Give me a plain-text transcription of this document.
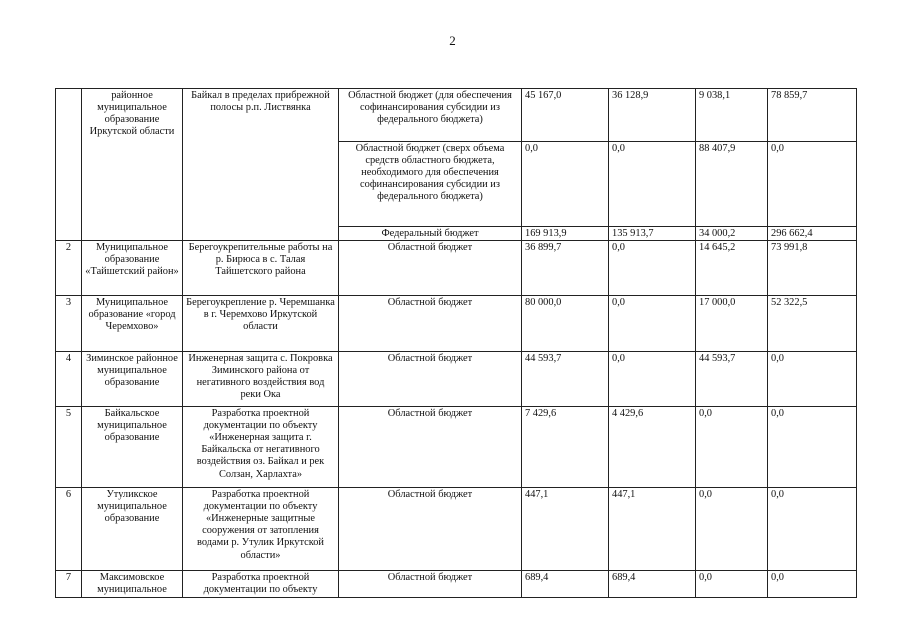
2
	районное муниципальное образование Иркутской области	Байкал в пределах прибрежной полосы р.п. Листвянка	Областной бюджет (для обеспечения софинансирования субсидии из федерального бюджета)	45 167,0	36 128,9	9 038,1	78 859,7
			Областной бюджет (сверх объема средств областного бюджета, необходимого для обеспечения софинансирования субсидии из федерального бюджета)	0,0	0,0	88 407,9	0,0
			Федеральный бюджет	169 913,9	135 913,7	34 000,2	296 662,4
2	Муниципальное образование «Тайшетский район»	Берегоукрепительные работы на р. Бирюса в с. Талая Тайшетского района	Областной бюджет	36 899,7	0,0	14 645,2	73 991,8
3	Муниципальное образование «город Черемхово»	Берегоукрепление р. Черемшанка в г. Черемхово Иркутской области	Областной бюджет	80 000,0	0,0	17 000,0	52 322,5
4	Зиминское районное муниципальное образование	Инженерная защита с. Покровка Зиминского района от негативного воздействия вод реки Ока	Областной бюджет	44 593,7	0,0	44 593,7	0,0
5	Байкальское муниципальное образование	Разработка проектной документации по объекту «Инженерная защита г. Байкальска от негативного воздействия оз. Байкал и рек Солзан, Харлахта»	Областной бюджет	7 429,6	4 429,6	0,0	0,0
6	Утуликское муниципальное образование	Разработка проектной документации по объекту «Инженерные защитные сооружения от затопления водами р. Утулик Иркутской области»	Областной бюджет	447,1	447,1	0,0	0,0
7	Максимовское муниципальное	Разработка проектной документации по объекту	Областной бюджет	689,4	689,4	0,0	0,0
